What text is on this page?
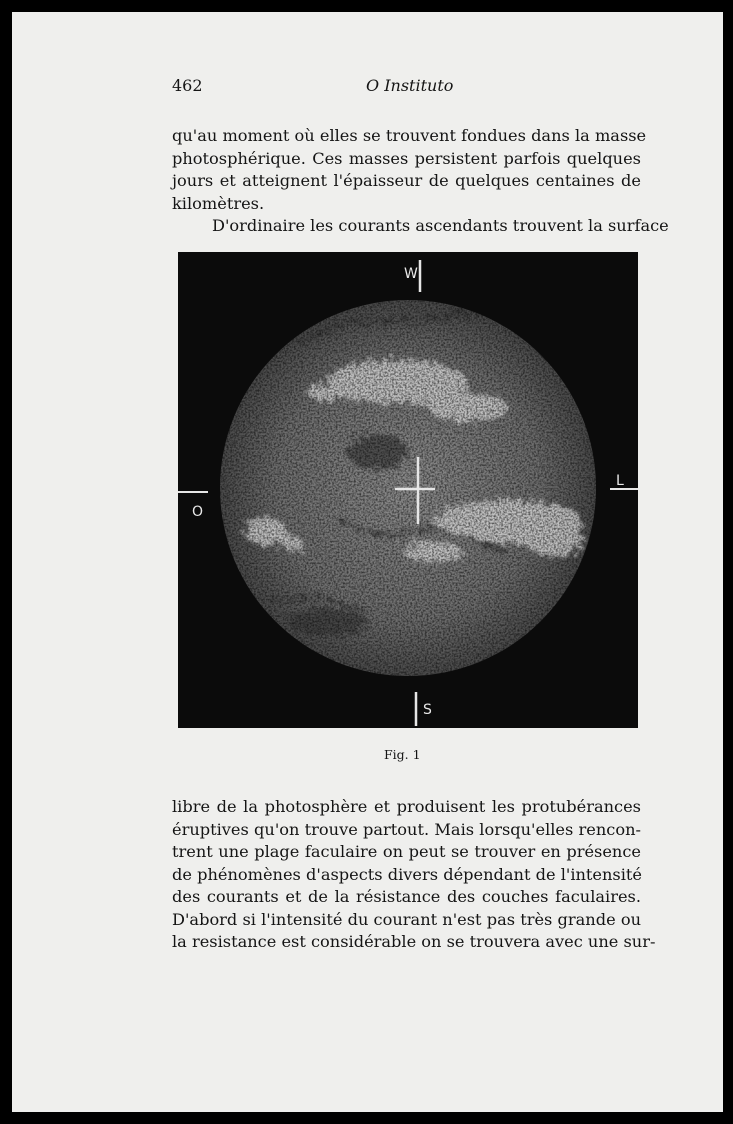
462	O Instituto
qu'au moment où elles se trouvent fondues dans la masse
photosphérique. Ces masses persistent parfois quelques
jours et atteignent l'épaisseur de quelques centaines de
kilomètres.
D'ordinaire les courants ascendants trouvent la surface
W
S
O
L
Fig. 1
libre de la photosphère et produisent les protubérances
éruptives qu'on trouve partout. Mais lorsqu'elles rencon-
trent une plage faculaire on peut se trouver en présence
de phénomènes d'aspects divers dépendant de l'intensité
des courants et de la résistance des couches faculaires.
D'abord si l'intensité du courant n'est pas très grande ou
la resistance est considérable on se trouvera avec une sur-
